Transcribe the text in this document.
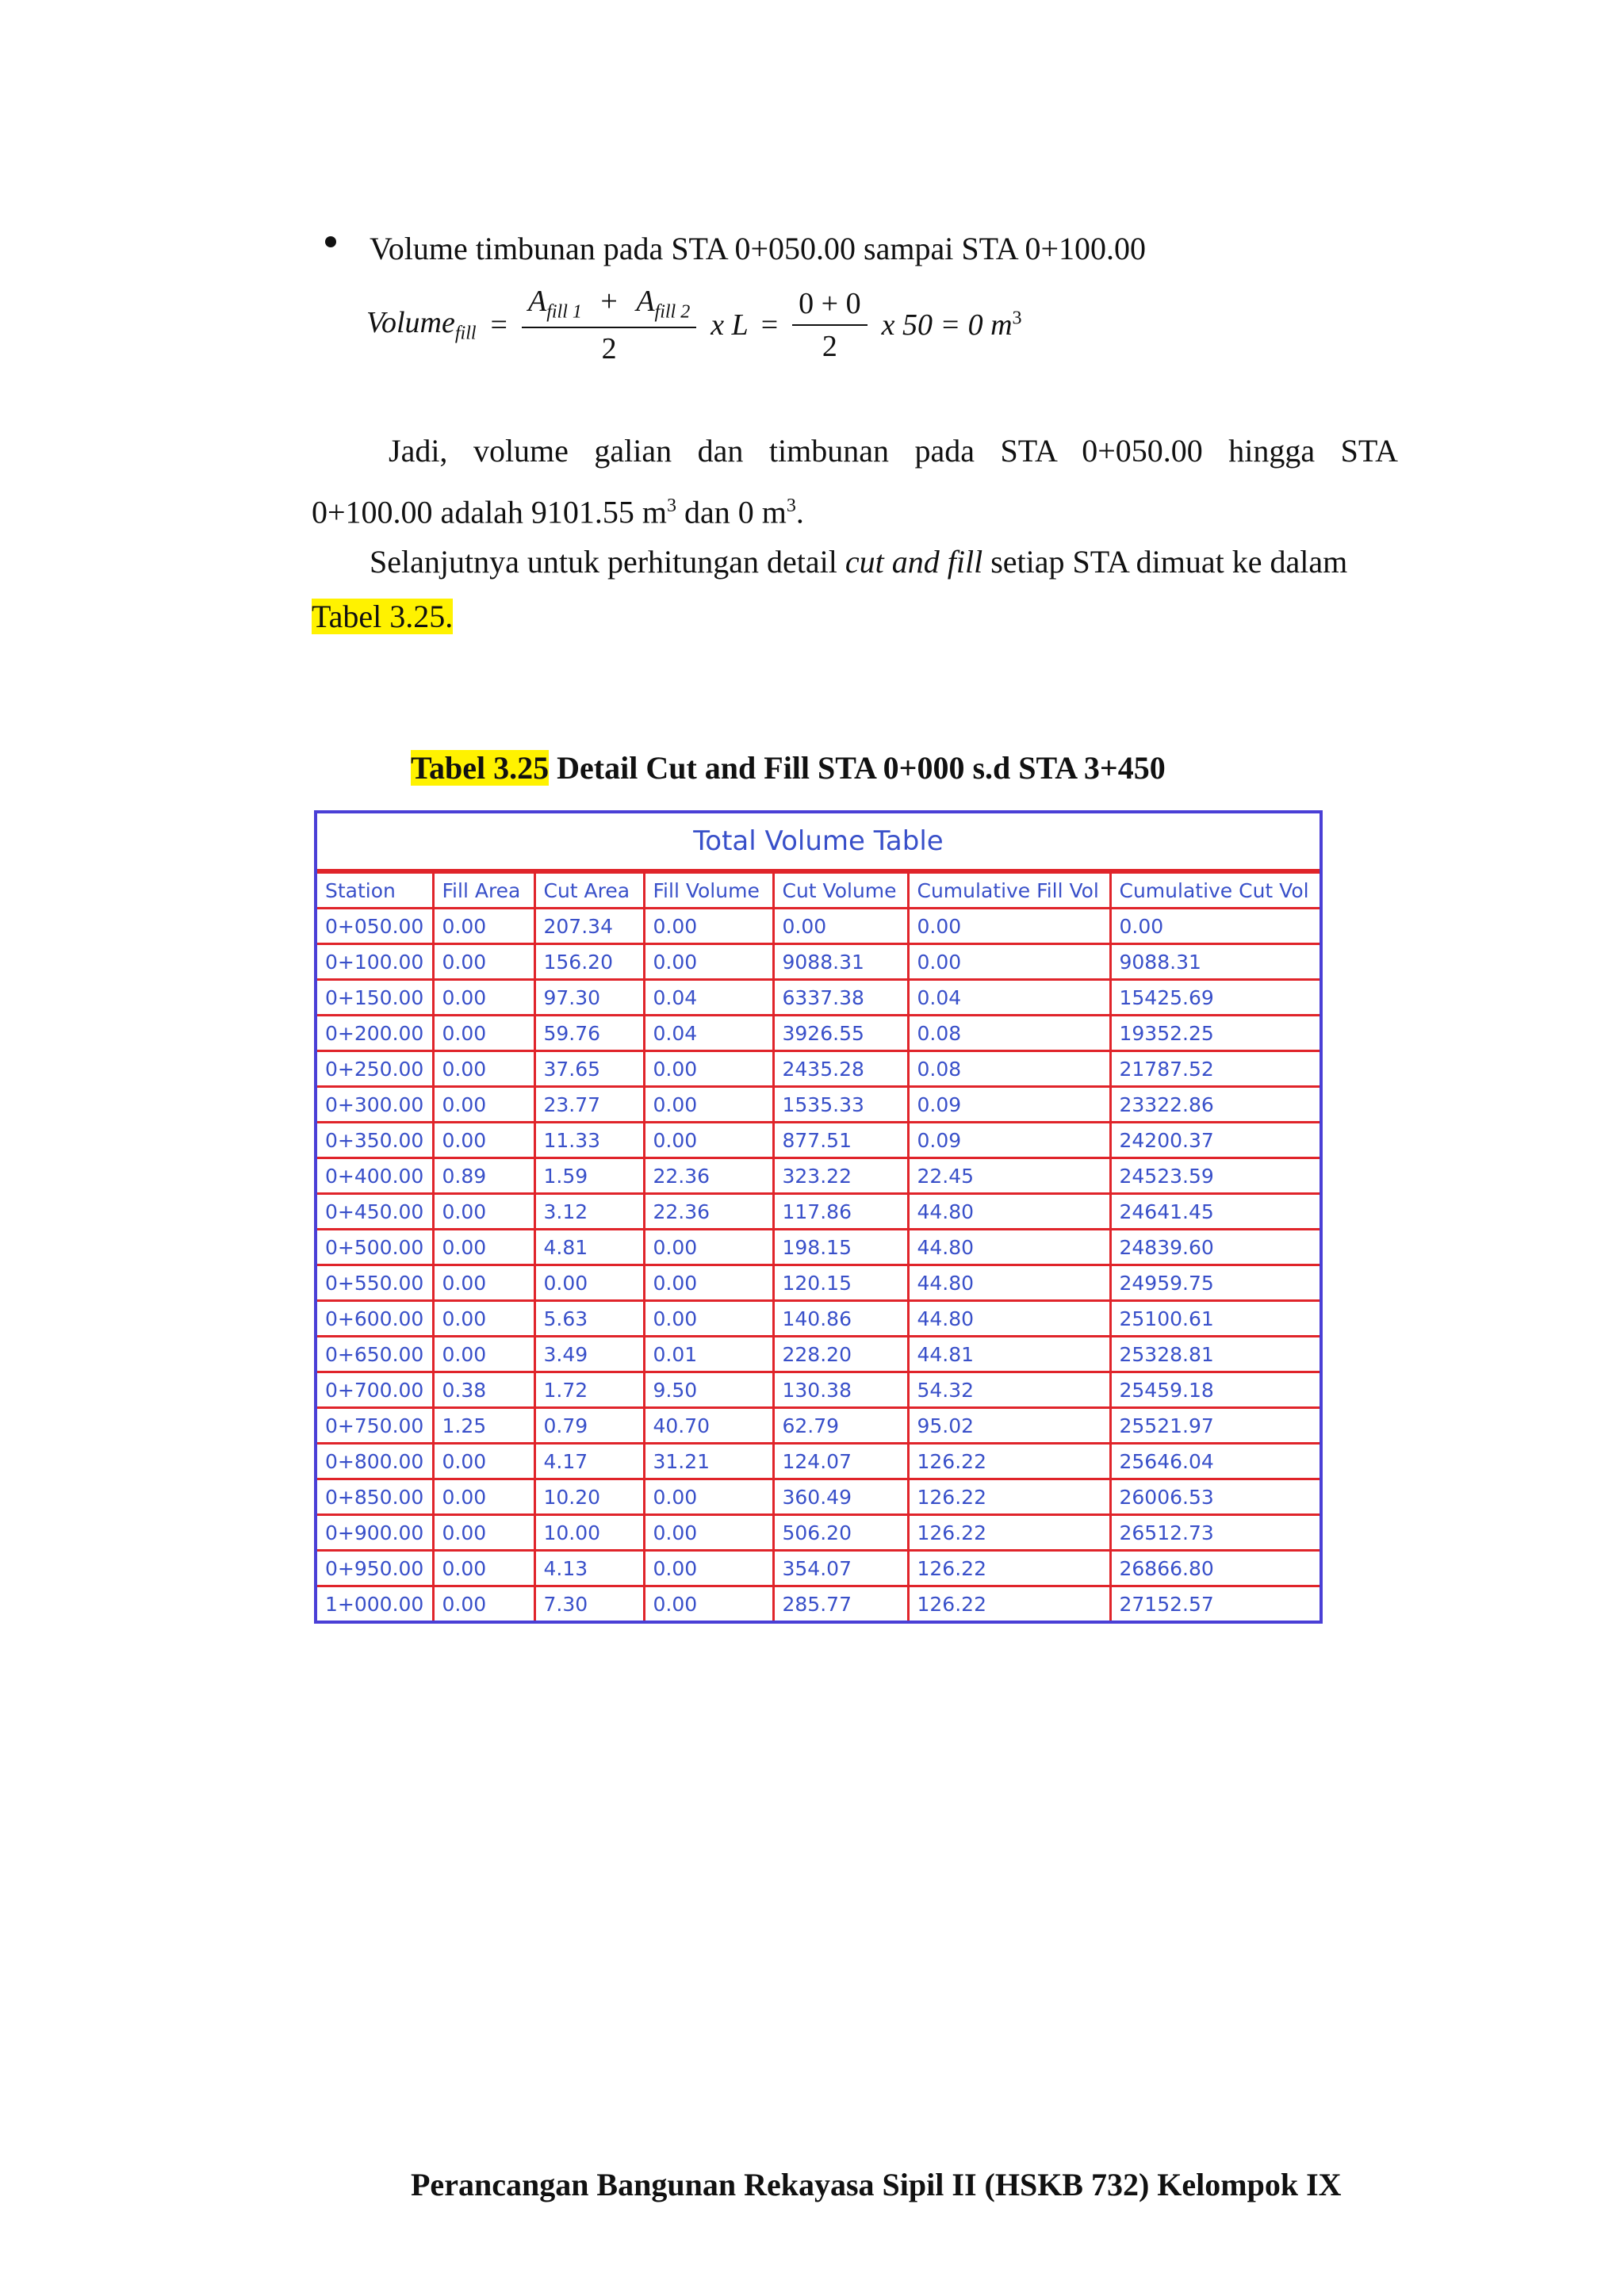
Volume timbunan pada STA 0+050.00 sampai STA 0+100.00
Volume$_{fill}$ = $\frac{A_{fill 1} + A_{fill 2}}{2}$ x $L = \frac{0 + 0}{2}$ x 50 = 0 $m^3$
Jadi, volume galian dan timbunan pada STA 0+050.00 hingga STA
0+100.00 adalah 9101.55 $m^3$ dan 0 $m^3$.
Selanjutnya untuk perhitungan detail cut and fill setiap STA dimuat ke dalam
Tabel 3.25.
Tabel 3.25 Detail Cut and Fill STA 0+000 s.d STA 3+450
Total Volume Table
Station	Fill Area	Cut Area	Fill Volume	Cut Volume	Cumulative Fill Vol	Cumulative Cut Vol
0+050.00	0.00	207.34	0.00	0.00	0.00	0.00
0+100.00	0.00	156.20	0.00	9088.31	0.00	9088.31
0+150.00	0.00	97.30	0.04	6337.38	0.04	15425.69
0+200.00	0.00	59.76	0.04	3926.55	0.08	19352.25
0+250.00	0.00	37.65	0.00	2435.28	0.08	21787.52
0+300.00	0.00	23.77	0.00	1535.33	0.09	23322.86
0+350.00	0.00	11.33	0.00	877.51	0.09	24200.37
0+400.00	0.89	1.59	22.36	323.22	22.45	24523.59
0+450.00	0.00	3.12	22.36	117.86	44.80	24641.45
0+500.00	0.00	4.81	0.00	198.15	44.80	24839.60
0+550.00	0.00	0.00	0.00	120.15	44.80	24959.75
0+600.00	0.00	5.63	0.00	140.86	44.80	25100.61
0+650.00	0.00	3.49	0.01	228.20	44.81	25328.81
0+700.00	0.38	1.72	9.50	130.38	54.32	25459.18
0+750.00	1.25	0.79	40.70	62.79	95.02	25521.97
0+800.00	0.00	4.17	31.21	124.07	126.22	25646.04
0+850.00	0.00	10.20	0.00	360.49	126.22	26006.53
0+900.00	0.00	10.00	0.00	506.20	126.22	26512.73
0+950.00	0.00	4.13	0.00	354.07	126.22	26866.80
1+000.00	0.00	7.30	0.00	285.77	126.22	27152.57
Perancangan Bangunan Rekayasa Sipil II (HSKB 732) Kelompok IX
